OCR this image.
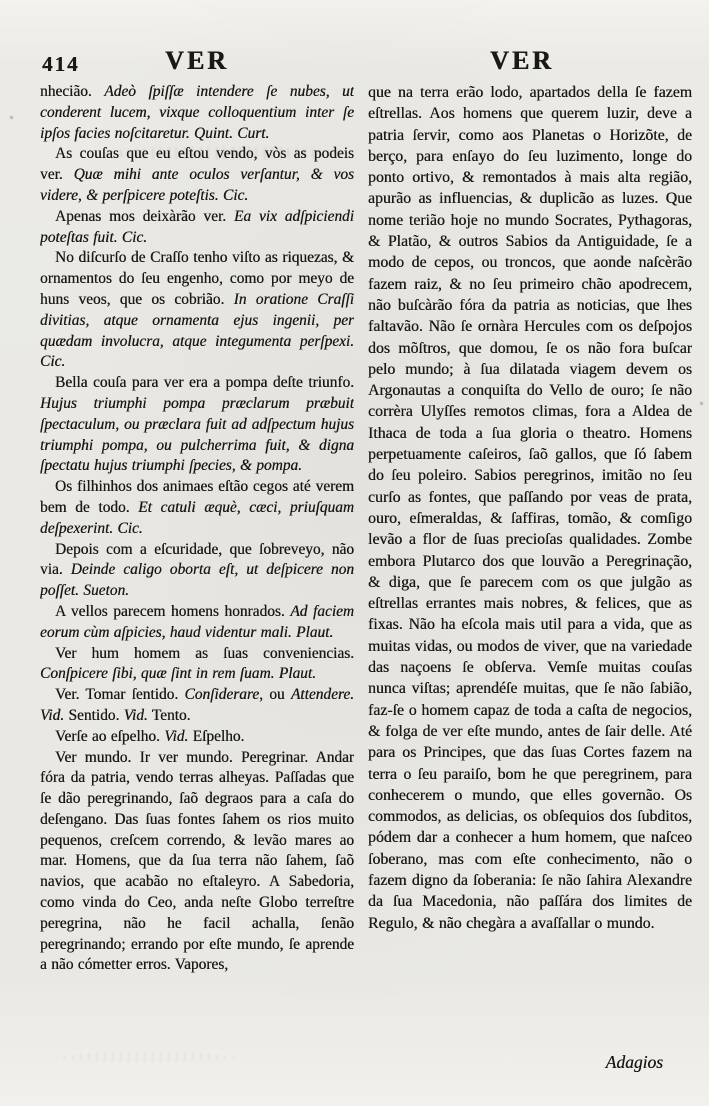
414	VER	VER

nhecião. Adeò ſpiſſæ intendere ſe nubes, ut conderent lucem, vixque colloquentium inter ſe ipſos facies noſcitaretur. Quint. Curt.

As couſas que eu eſtou vendo, vòs as podeis ver. Quæ mihi ante oculos verſantur, & vos videre, & perſpicere poteſtis. Cic.

Apenas mos deixàrão ver. Ea vix adſpiciendi poteſtas fuit. Cic.

No diſcurſo de Craſſo tenho viſto as riquezas, & ornamentos do ſeu engenho, como por meyo de huns veos, que os cobrião. In oratione Craſſi divitias, atque ornamenta ejus ingenii, per quædam involucra, atque integumenta perſpexi. Cic.

Bella couſa para ver era a pompa deſte triunfo. Hujus triumphi pompa præclarum præbuit ſpectaculum, ou præclara fuit ad adſpectum hujus triumphi pompa, ou pulcherrima fuit, & digna ſpectatu hujus triumphi ſpecies, & pompa.

Os filhinhos dos animaes eſtão cegos até verem bem de todo. Et catuli æquè, cæci, priuſquam deſpexerint. Cic.

Depois com a eſcuridade, que ſobreveyo, não via. Deinde caligo oborta eſt, ut deſpicere non poſſet. Sueton.

A vellos parecem homens honrados. Ad faciem eorum cùm aſpicies, haud videntur mali. Plaut.

Ver hum homem as ſuas conveniencias. Conſpicere ſibi, quæ ſint in rem ſuam. Plaut.

Ver. Tomar ſentido. Conſiderare, ou Attendere. Vid. Sentido. Vid. Tento.

Verſe ao eſpelho. Vid. Eſpelho.

Ver mundo. Ir ver mundo. Peregrinar. Andar fóra da patria, vendo terras alheyas. Paſſadas que ſe dão peregrinando, ſaõ degraos para a caſa do deſengano. Das ſuas fontes ſahem os rios muito pequenos, creſcem correndo, & levão mares ao mar. Homens, que da ſua terra não ſahem, ſaõ navios, que acabão no eſtaleyro. A Sabedoria, como vinda do Ceo, anda neſte Globo terreſtre peregrina, não he facil achalla, ſenão peregrinando; errando por eſte mundo, ſe aprende a não cómetter erros. Vapores,

que na terra erão lodo, apartados della ſe fazem eſtrellas. Aos homens que querem luzir, deve a patria ſervir, como aos Planetas o Horizõte, de berço, para enſayo do ſeu luzimento, longe do ponto ortivo, & remontados à mais alta região, apurão as influencias, & duplicão as luzes. Que nome terião hoje no mundo Socrates, Pythagoras, & Platão, & outros Sabios da Antiguidade, ſe a modo de cepos, ou troncos, que aonde naſcèrão fazem raiz, & no ſeu primeiro chão apodrecem, não buſcàrão fóra da patria as noticias, que lhes faltavão. Não ſe ornàra Hercules com os deſpojos dos mõſtros, que domou, ſe os não fora buſcar pelo mundo; à ſua dilatada viagem devem os Argonautas a conquiſta do Vello de ouro; ſe não corrèra Ulyſſes remotos climas, fora a Aldea de Ithaca de toda a ſua gloria o theatro. Homens perpetuamente caſeiros, ſaõ gallos, que ſó ſabem do ſeu poleiro. Sabios peregrinos, imitão no ſeu curſo as fontes, que paſſando por veas de prata, ouro, eſmeraldas, & ſaffiras, tomão, & comſigo levão a flor de ſuas precioſas qualidades. Zombe embora Plutarco dos que louvão a Peregrinação, & diga, que ſe parecem com os que julgão as eſtrellas errantes mais nobres, & felices, que as fixas. Não ha eſcola mais util para a vida, que as muitas vidas, ou modos de viver, que na variedade das naçoens ſe obſerva. Vemſe muitas couſas nunca viſtas; aprendéſe muitas, que ſe não ſabião, faz-ſe o homem capaz de toda a caſta de negocios, & folga de ver eſte mundo, antes de ſair delle. Até para os Principes, que das ſuas Cortes fazem na terra o ſeu paraiſo, bom he que peregrinem, para conhecerem o mundo, que elles governão. Os commodos, as delicias, os obſequios dos ſubditos, pódem dar a conhecer a hum homem, que naſceo ſoberano, mas com eſte conhecimento, não o fazem digno da ſoberania: ſe não ſahira Alexandre da ſua Macedonia, não paſſára dos limites de Regulo, & não chegàra a avaſſallar o mundo.

Adagios
